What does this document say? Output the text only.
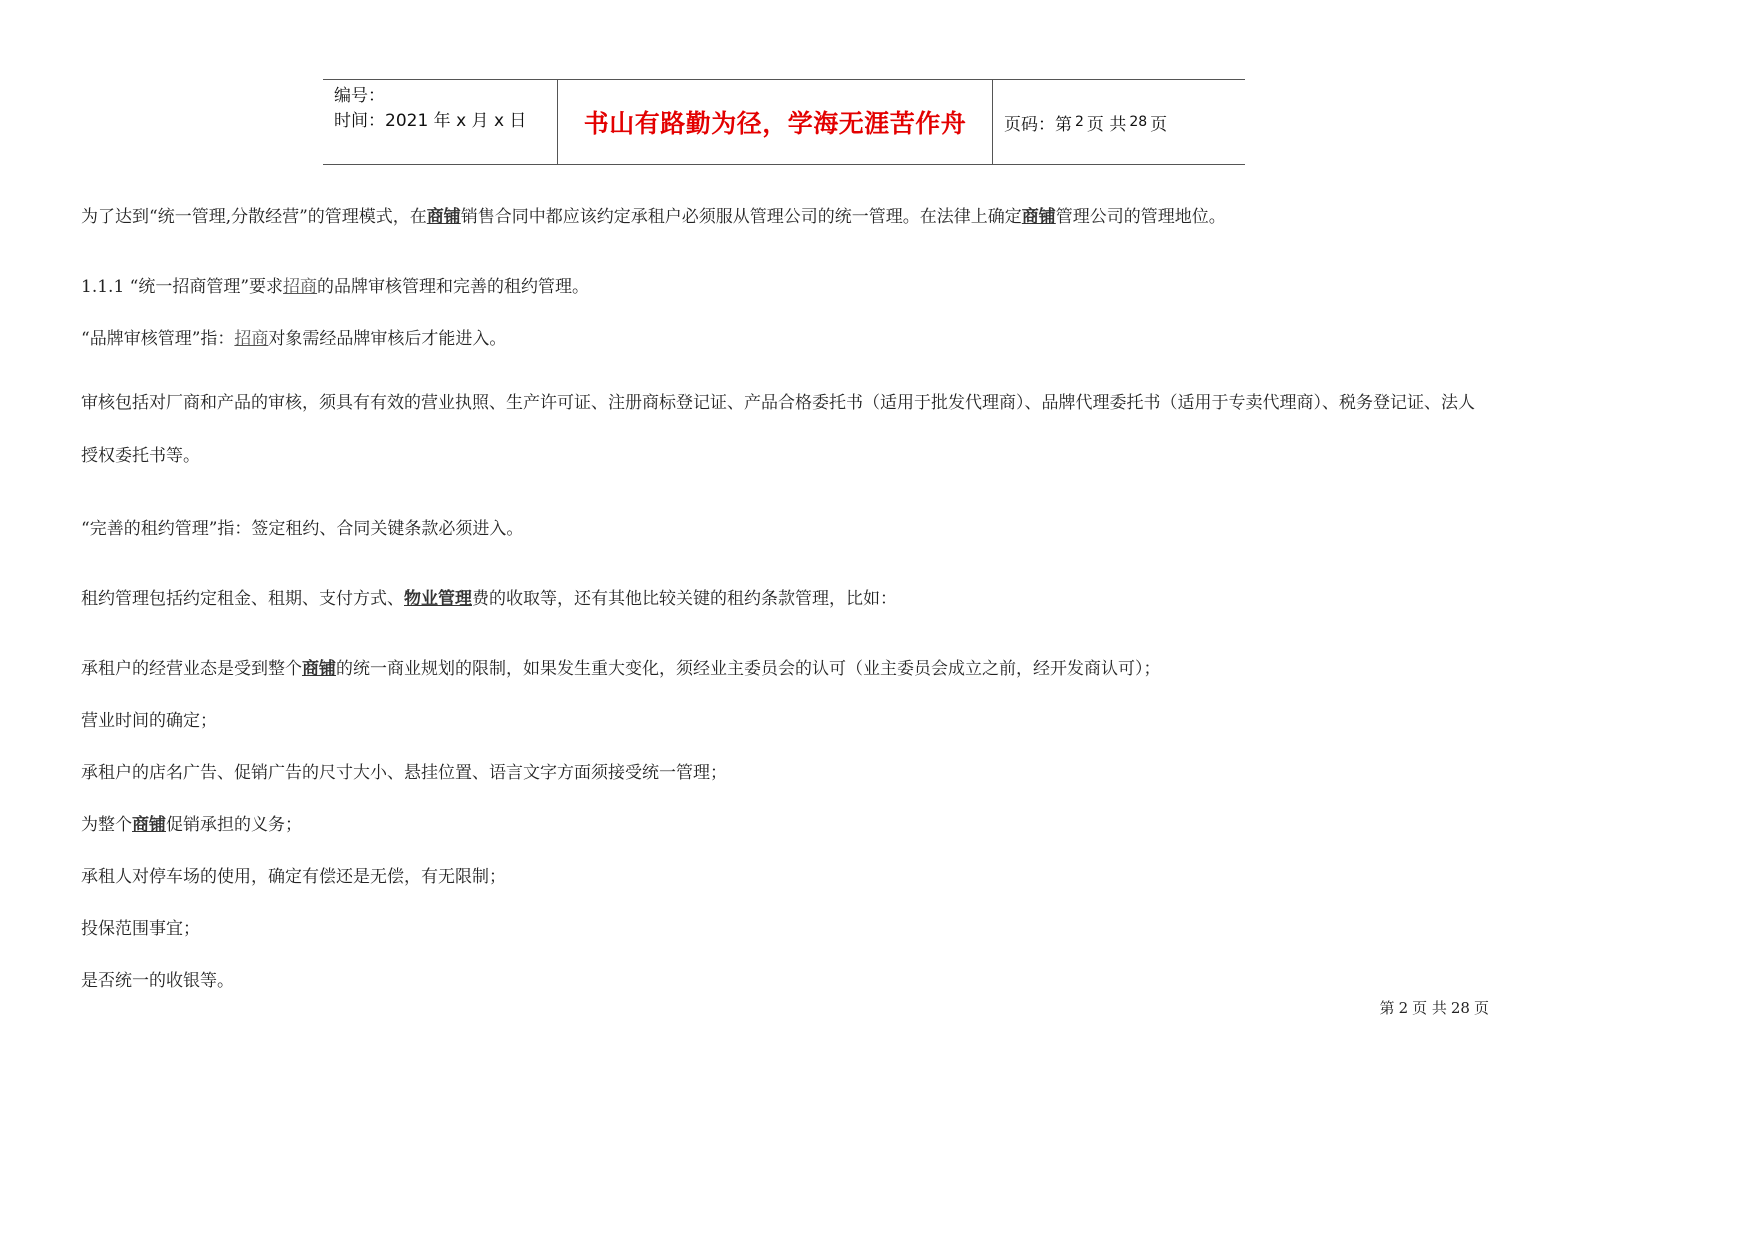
编号：
时间：2021 年 x 月 x 日	书山有路勤为径，学海无涯苦作舟 页码：第 2 页 共 28 页
为了达到“统一管理,分散经营”的管理模式，在商铺销售合同中都应该约定承租户必须服从管理公司的统一管理。在法律上确定商铺管理公司的管理地位。
1.1.1 “统一招商管理”要求招商的品牌审核管理和完善的租约管理。
“品牌审核管理”指：招商对象需经品牌审核后才能进入。
审核包括对厂商和产品的审核，须具有有效的营业执照、生产许可证、注册商标登记证、产品合格委托书（适用于批发代理商）、品牌代理委托书（适用于专卖代理商）、税务登记证、法人授权委托书等。
“完善的租约管理”指：签定租约、合同关键条款必须进入。
租约管理包括约定租金、租期、支付方式、物业管理费的收取等，还有其他比较关键的租约条款管理，比如：
承租户的经营业态是受到整个商铺的统一商业规划的限制，如果发生重大变化，须经业主委员会的认可（业主委员会成立之前，经开发商认可）；
营业时间的确定；
承租户的店名广告、促销广告的尺寸大小、悬挂位置、语言文字方面须接受统一管理；
为整个商铺促销承担的义务；
承租人对停车场的使用，确定有偿还是无偿，有无限制；
投保范围事宜；
是否统一的收银等。
第 2 页 共 28 页
